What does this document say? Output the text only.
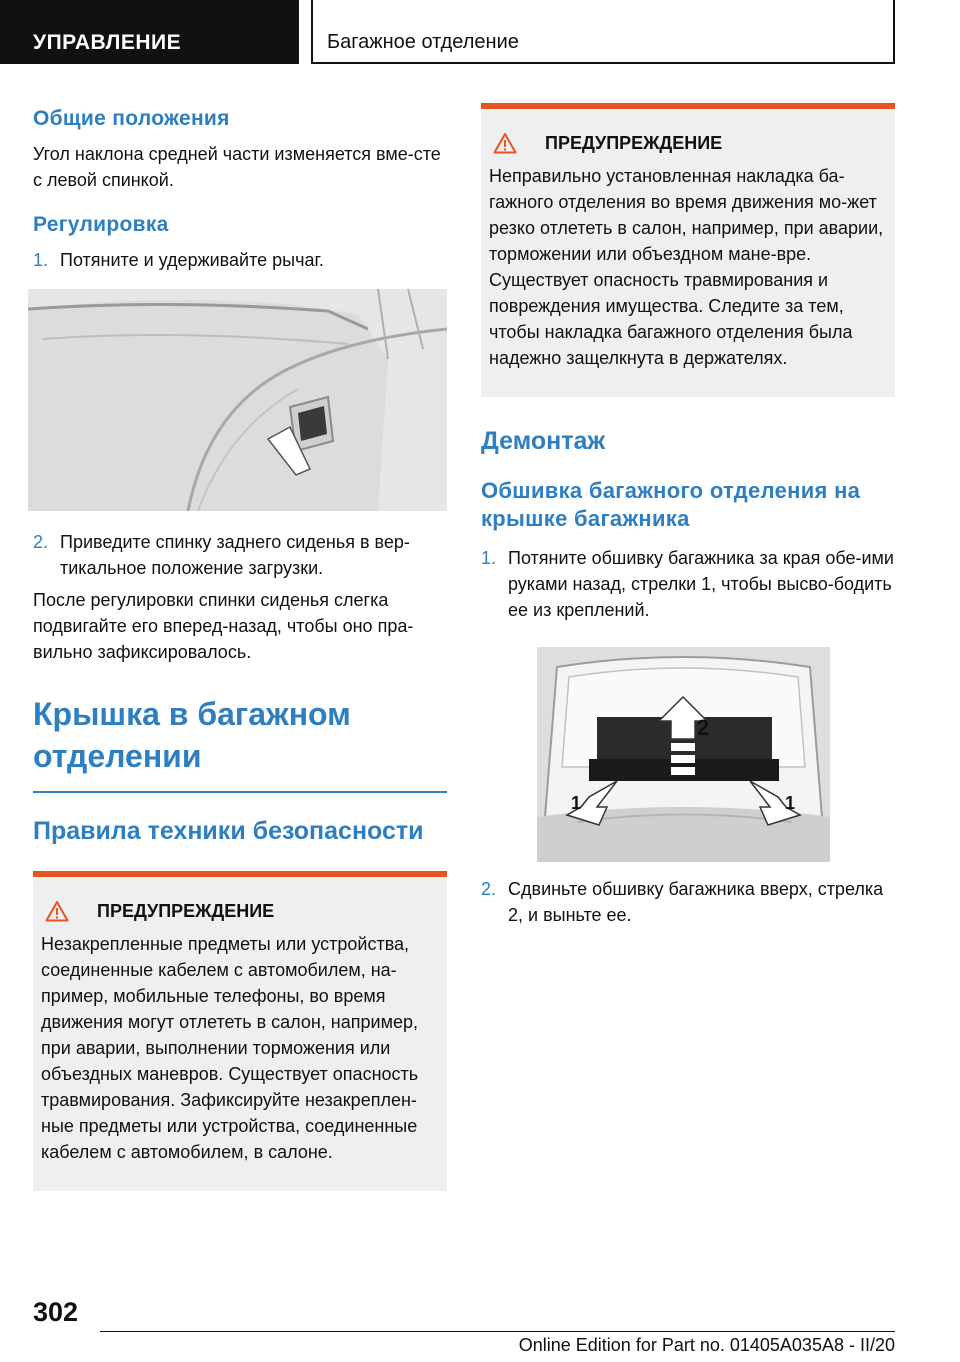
УПРАВЛЕНИЕ	Багажное отделение
Общие положения
Угол наклона средней части изменяется вме-сте с левой спинкой.
Регулировка
1. Потяните и удерживайте рычаг.
2. Приведите спинку заднего сиденья в вер-тикальное положение загрузки.
После регулировки спинки сиденья слегка подвигайте его вперед-назад, чтобы оно пра-вильно зафиксировалось.
Крышка в багажном отделении
Правила техники безопасности
ПРЕДУПРЕЖДЕНИЕ
Незакрепленные предметы или устройства, соединенные кабелем с автомобилем, на-пример, мобильные телефоны, во время движения могут отлететь в салон, например, при аварии, выполнении торможения или объездных маневров. Существует опасность травмирования. Зафиксируйте незакреплен-ные предметы или устройства, соединенные кабелем с автомобилем, в салоне.
ПРЕДУПРЕЖДЕНИЕ
Неправильно установленная накладка ба-гажного отделения во время движения мо-жет резко отлететь в салон, например, при аварии, торможении или объездном мане-вре. Существует опасность травмирования и повреждения имущества. Следите за тем, чтобы накладка багажного отделения была надежно защелкнута в держателях.
Демонтаж
Обшивка багажного отделения на крышке багажника
1. Потяните обшивку багажника за края обе-ими руками назад, стрелки 1, чтобы высво-бодить ее из креплений.
2
1	1
2. Сдвиньте обшивку багажника вверх, стрелка 2, и выньте ее.
302
Online Edition for Part no. 01405A035A8 - II/20
